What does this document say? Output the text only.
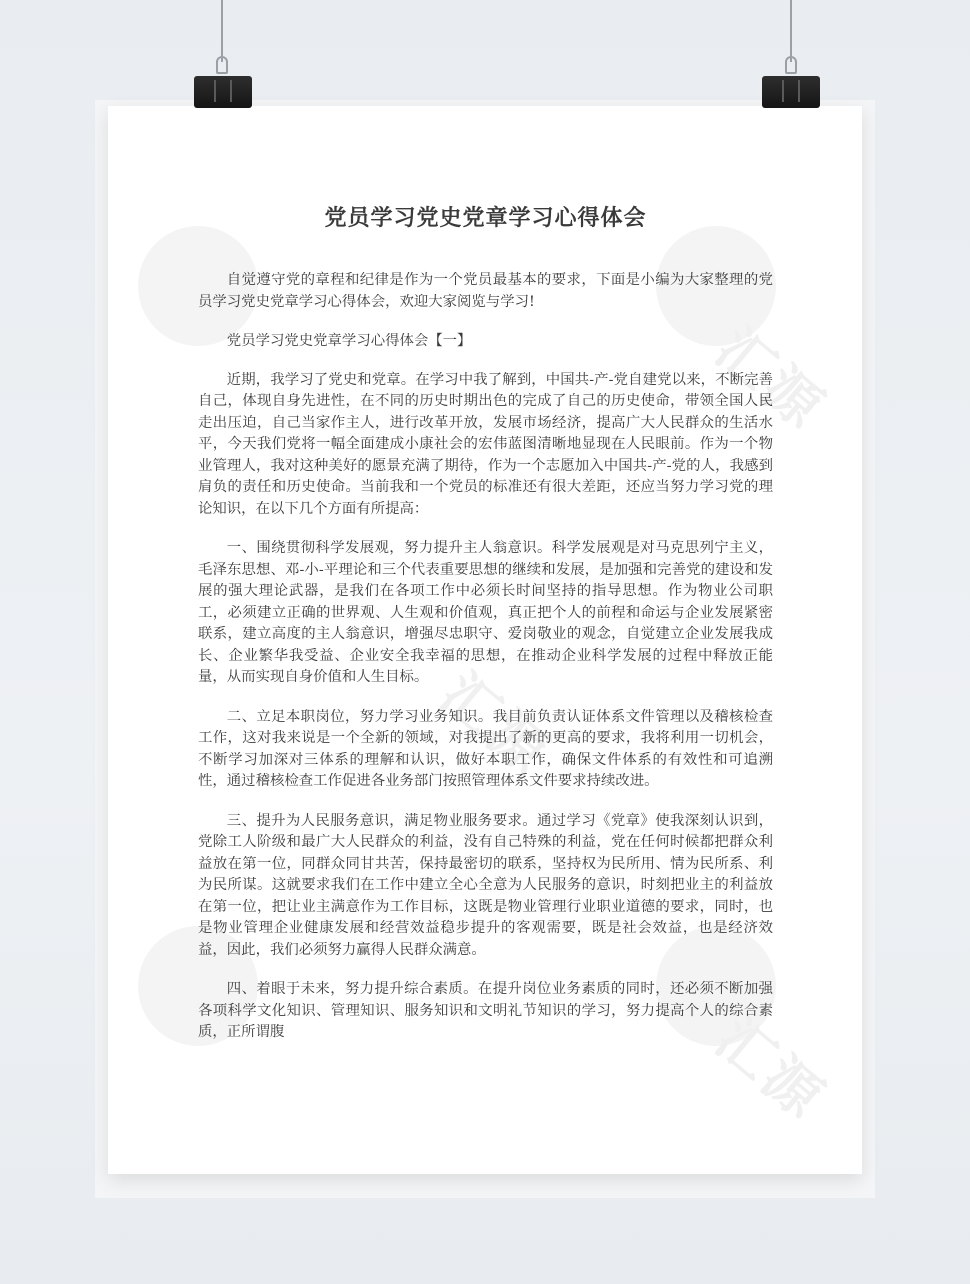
汇源
汇源
汇源
党员学习党史党章学习心得体会

自觉遵守党的章程和纪律是作为一个党员最基本的要求，下面是小编为大家整理的党员学习党史党章学习心得体会，欢迎大家阅览与学习!

党员学习党史党章学习心得体会【一】

近期，我学习了党史和党章。在学习中我了解到，中国共-产-党自建党以来，不断完善自己，体现自身先进性，在不同的历史时期出色的完成了自己的历史使命，带领全国人民走出压迫，自己当家作主人，进行改革开放，发展市场经济，提高广大人民群众的生活水平，今天我们党将一幅全面建成小康社会的宏伟蓝图清晰地显现在人民眼前。作为一个物业管理人，我对这种美好的愿景充满了期待，作为一个志愿加入中国共-产-党的人，我感到肩负的责任和历史使命。当前我和一个党员的标准还有很大差距，还应当努力学习党的理论知识，在以下几个方面有所提高：

一、围绕贯彻科学发展观，努力提升主人翁意识。科学发展观是对马克思列宁主义，毛泽东思想、邓-小-平理论和三个代表重要思想的继续和发展，是加强和完善党的建设和发展的强大理论武器，是我们在各项工作中必须长时间坚持的指导思想。作为物业公司职工，必须建立正确的世界观、人生观和价值观，真正把个人的前程和命运与企业发展紧密联系，建立高度的主人翁意识，增强尽忠职守、爱岗敬业的观念，自觉建立企业发展我成长、企业繁华我受益、企业安全我幸福的思想，在推动企业科学发展的过程中释放正能量，从而实现自身价值和人生目标。

二、立足本职岗位，努力学习业务知识。我目前负责认证体系文件管理以及稽核检查工作，这对我来说是一个全新的领域，对我提出了新的更高的要求，我将利用一切机会，不断学习加深对三体系的理解和认识，做好本职工作，确保文件体系的有效性和可追溯性，通过稽核检查工作促进各业务部门按照管理体系文件要求持续改进。

三、提升为人民服务意识，满足物业服务要求。通过学习《党章》使我深刻认识到，党除工人阶级和最广大人民群众的利益，没有自己特殊的利益，党在任何时候都把群众利益放在第一位，同群众同甘共苦，保持最密切的联系，坚持权为民所用、情为民所系、利为民所谋。这就要求我们在工作中建立全心全意为人民服务的意识，时刻把业主的利益放在第一位，把让业主满意作为工作目标，这既是物业管理行业职业道德的要求，同时，也是物业管理企业健康发展和经营效益稳步提升的客观需要，既是社会效益，也是经济效益，因此，我们必须努力赢得人民群众满意。

四、着眼于未来，努力提升综合素质。在提升岗位业务素质的同时，还必须不断加强各项科学文化知识、管理知识、服务知识和文明礼节知识的学习，努力提高个人的综合素质，正所谓腹
